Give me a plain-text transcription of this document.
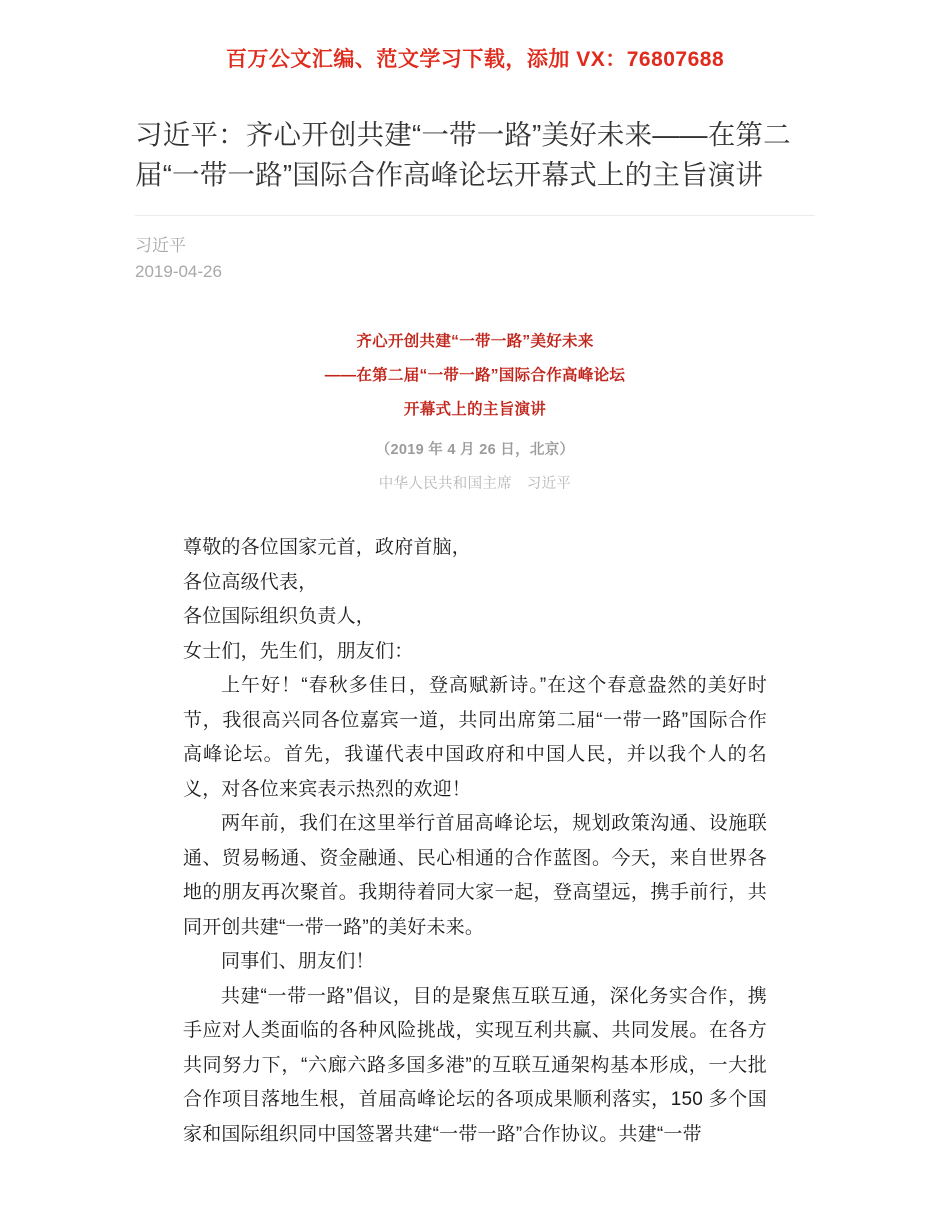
百万公文汇编、范文学习下载，添加 VX：76807688
习近平：齐心开创共建“一带一路”美好未来——在第二届“一带一路”国际合作高峰论坛开幕式上的主旨演讲
习近平
2019-04-26
齐心开创共建“一带一路”美好未来
——在第二届“一带一路”国际合作高峰论坛
开幕式上的主旨演讲
（2019 年 4 月 26 日，北京）
中华人民共和国主席　习近平

尊敬的各位国家元首，政府首脑，

各位高级代表，

各位国际组织负责人，

女士们，先生们，朋友们：

上午好！“春秋多佳日，登高赋新诗。”在这个春意盎然的美好时节，我很高兴同各位嘉宾一道，共同出席第二届“一带一路”国际合作高峰论坛。首先，我谨代表中国政府和中国人民，并以我个人的名义，对各位来宾表示热烈的欢迎！

两年前，我们在这里举行首届高峰论坛，规划政策沟通、设施联通、贸易畅通、资金融通、民心相通的合作蓝图。今天，来自世界各地的朋友再次聚首。我期待着同大家一起，登高望远，携手前行，共同开创共建“一带一路”的美好未来。

同事们、朋友们！

共建“一带一路”倡议，目的是聚焦互联互通，深化务实合作，携手应对人类面临的各种风险挑战，实现互利共赢、共同发展。在各方共同努力下，“六廊六路多国多港”的互联互通架构基本形成，一大批合作项目落地生根，首届高峰论坛的各项成果顺利落实，150 多个国家和国际组织同中国签署共建“一带一路”合作协议。共建“一带
